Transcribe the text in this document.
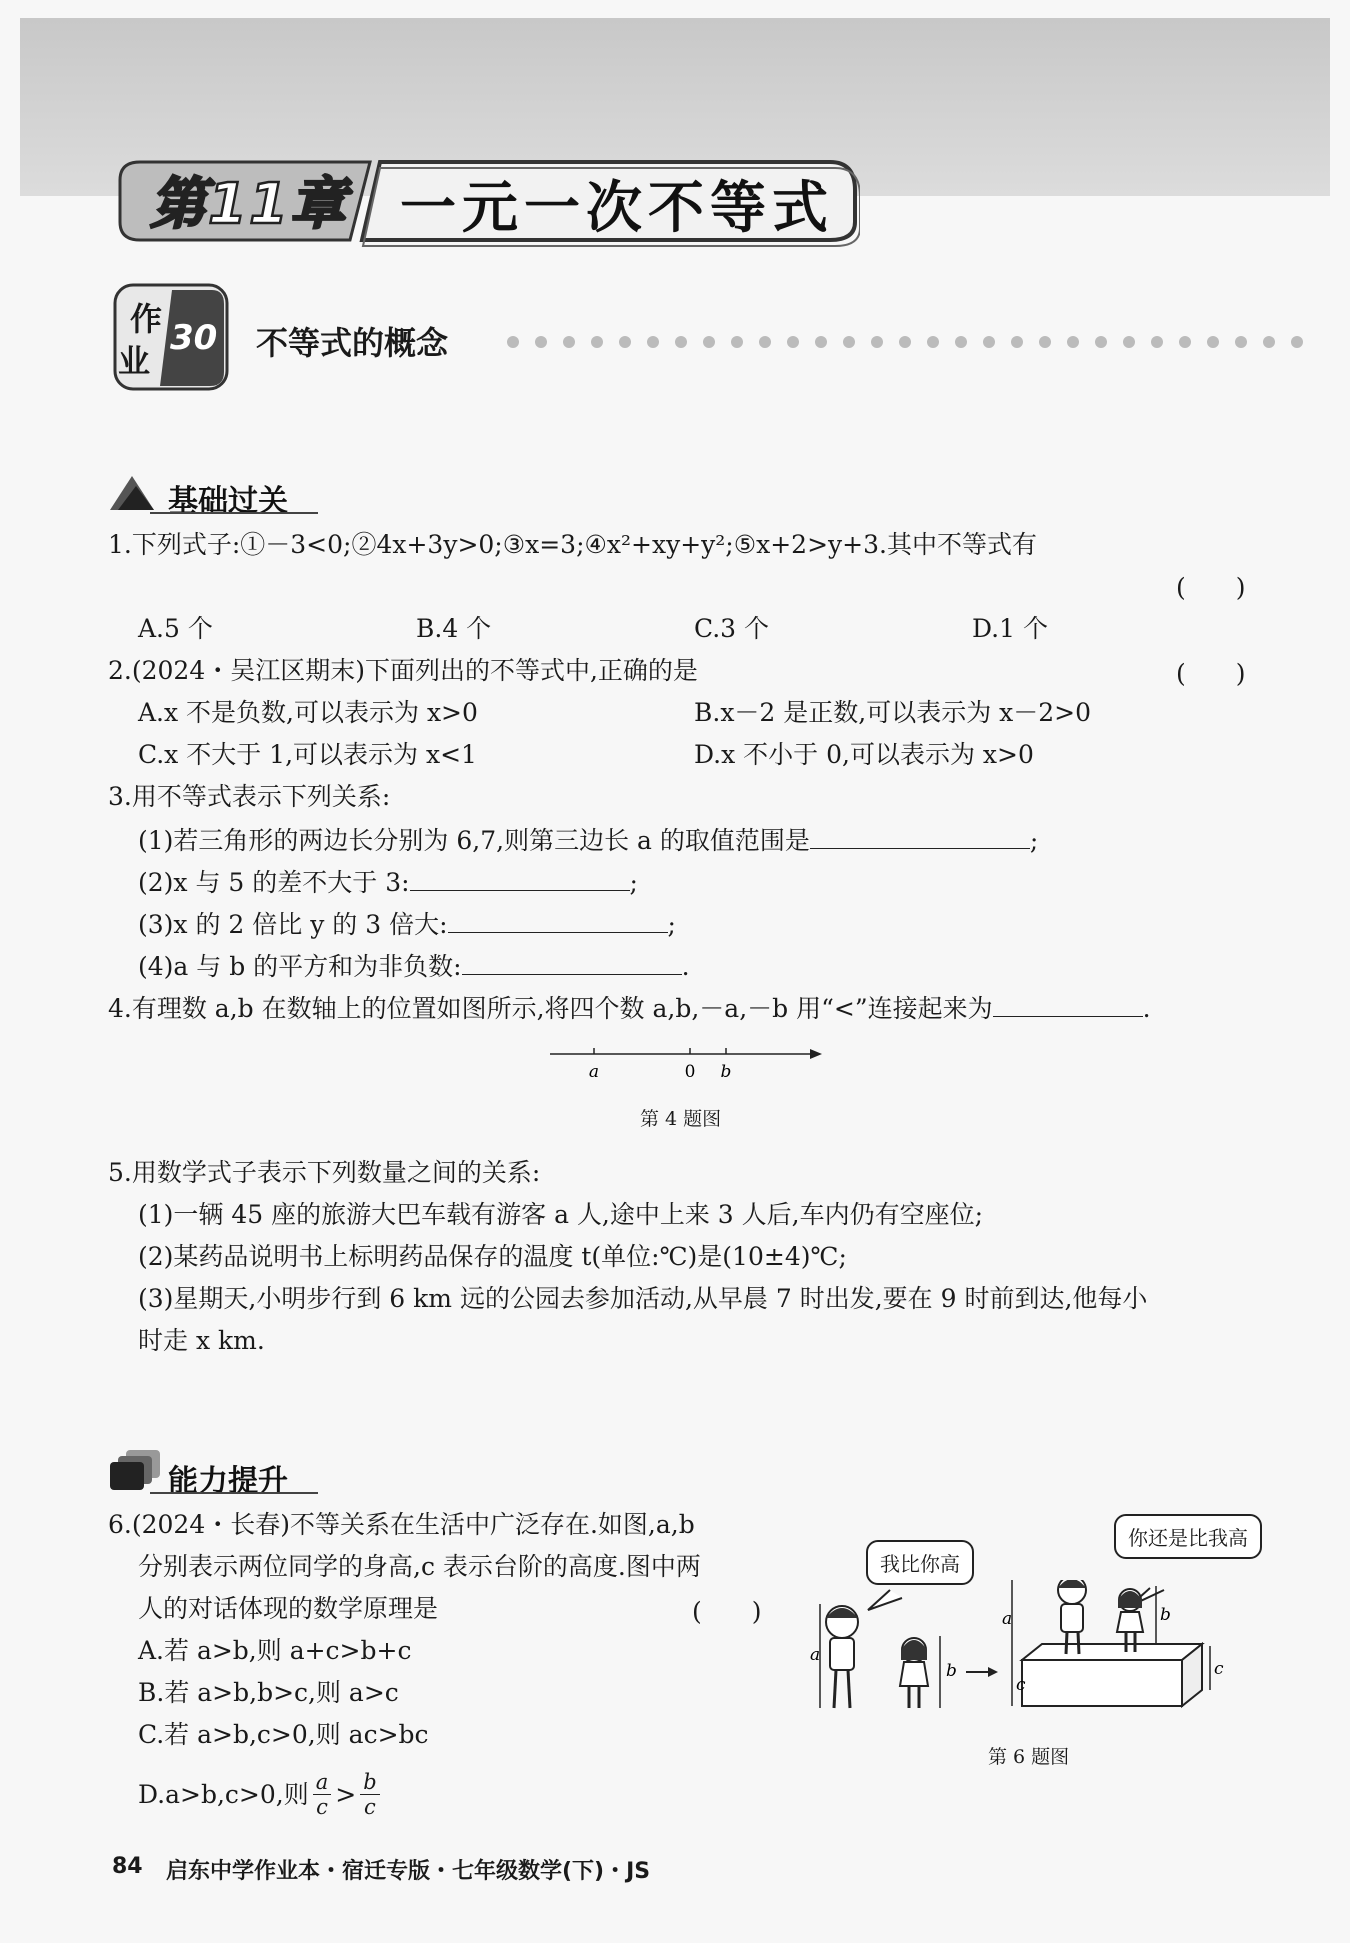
第11章 一元一次不等式
作
业
30 不等式的概念
基础过关
1.下列式子:①－3<0;②4x+3y>0;③x=3;④x²+xy+y²;⑤x+2>y+3.其中不等式有
(　　)
A.5 个	B.4 个	C.3 个	D.1 个
2.(2024・吴江区期末)下面列出的不等式中,正确的是	(　　)
A.x 不是负数,可以表示为 x>0	B.x－2 是正数,可以表示为 x－2>0
C.x 不大于 1,可以表示为 x<1	D.x 不小于 0,可以表示为 x>0
3.用不等式表示下列关系:
(1)若三角形的两边长分别为 6,7,则第三边长 a 的取值范围是	;
(2)x 与 5 的差不大于 3:	;
(3)x 的 2 倍比 y 的 3 倍大:	;
(4)a 与 b 的平方和为非负数:	.
4.有理数 a,b 在数轴上的位置如图所示,将四个数 a,b,－a,－b 用“<”连接起来为	.
a	0 b
第 4 题图
5.用数学式子表示下列数量之间的关系:
(1)一辆 45 座的旅游大巴车载有游客 a 人,途中上来 3 人后,车内仍有空座位;
(2)某药品说明书上标明药品保存的温度 t(单位:℃)是(10±4)℃;
(3)星期天,小明步行到 6 km 远的公园去参加活动,从早晨 7 时出发,要在 9 时前到达,他每小
时走 x km.
能力提升
6.(2024・长春)不等关系在生活中广泛存在.如图,a,b
分别表示两位同学的身高,c 表示台阶的高度.图中两
人的对话体现的数学原理是	(　　)
A.若 a>b,则 a+c>b+c
B.若 a>b,b>c,则 a>c
C.若 a>b,c>0,则 ac>bc
D.a>b,c>0,则 $\frac{a}{c} > \frac{b}{c}$
我比你高
你还是比我高
a
b
a	b
c
c
第 6 题图
84 启东中学作业本・宿迁专版・七年级数学(下)・JS
